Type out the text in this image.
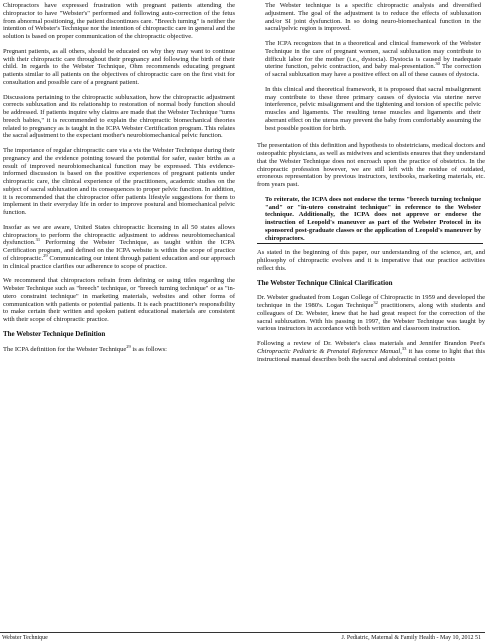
Chiropractors have expressed frustration with pregnant patients attending the chiropractor to have "Webster's" performed and following auto-correction of the fetus from abnormal positioning, the patient discontinues care. "Breech turning" is neither the intention of Webster's Technique nor the intention of chiropractic care in general and the solution is based on proper communication of the chiropractic objective.

Pregnant patients, as all others, should be educated on why they may want to continue with their chiropractic care throughout their pregnancy and following the birth of their child. In regards to the Webster Technique, Ohm recommends educating pregnant patients similar to all patients on the objectives of chiropractic care on the first visit for consultation and possible care of a pregnant patient.

Discussions pertaining to the chiropractic subluxation, how the chiropractic adjustment corrects subluxation and its relationship to restoration of normal body function should be addressed. If patients inquire why claims are made that the Webster Technique "turns breech babies," it is recommended to explain the chiropractic biomechanical theories related to pregnancy as is taught in the ICPA Webster Certification program. This relates the sacral adjustment to the expectant mother's neurobiomechanical pelvic function.

The importance of regular chiropractic care via a vis the Webster Technique during their pregnancy and the evidence pointing toward the potential for safer, easier births as a result of improved neurobiomechanical function may be expressed. This evidence-informed discussion is based on the positive experiences of pregnant patients under chiropractic care, the clinical experience of the practitioners, academic studies on the subject of sacral subluxation and its consequences to proper pelvic function. In addition, it is recommended that the chiropractor offer patients lifestyle suggestions for them to implement in their everyday life in order to improve postural and biomechanical pelvic function.

Insofar as we are aware, United States chiropractic licensing in all 50 states allows chiropractors to perform the chiropractic adjustment to address neurobiomechanical dysfunction.$^{31}$ Performing the Webster Technique, as taught within the ICPA Certification program, and defined on the ICPA website is within the scope of practice of chiropractic.$^{29}$ Communicating our intent through patient education and our approach in clinical practice clarifies our adherence to scope of practice.

We recommend that chiropractors refrain from defining or using titles regarding the Webster Technique such as "breech" technique, or "breech turning technique" or as "in-utero constraint technique" in marketing materials, websites and other forms of communication with patients or potential patients. It is each practitioner's responsibility to make certain their written and spoken patient educational materials are consistent with their scope of chiropractic practice.

The Webster Technique Definition

The ICPA definition for the Webster Technique$^{29}$ is as follows:

The Webster technique is a specific chiropractic analysis and diversified adjustment. The goal of the adjustment is to reduce the effects of subluxation and/or SI joint dysfunction. In so doing neuro-biomechanical function in the sacral/pelvic region is improved.

The ICPA recognizes that in a theoretical and clinical framework of the Webster Technique in the care of pregnant women, sacral subluxation may contribute to difficult labor for the mother (i.e., dystocia). Dystocia is caused by inadequate uterine function, pelvic contraction, and baby mal-presentation.$^{30}$ The correction of sacral subluxation may have a positive effect on all of these causes of dystocia.

In this clinical and theoretical framework, it is proposed that sacral misalignment may contribute to these three primary causes of dystocia via uterine nerve interference, pelvic misalignment and the tightening and torsion of specific pelvic muscles and ligaments. The resulting tense muscles and ligaments and their aberrant effect on the uterus may prevent the baby from comfortably assuming the best possible position for birth.

The presentation of this definition and hypothesis to obstetricians, medical doctors and osteopathic physicians, as well as midwives and scientists ensures that they understand that the Webster Technique does not encroach upon the practice of obstetrics. In the chiropractic profession however, we are still left with the residue of outdated, erroneous representation by previous instructors, textbooks, marketing materials, etc. from years past.

To reiterate, the ICPA does not endorse the terms "breech turning technique "and" or "in-utero constraint technique" in reference to the Webster technique. Additionally, the ICPA does not approve or endorse the instruction of Leopold's maneuver as part of the Webster Protocol in its sponsored post-graduate classes or the application of Leopold's maneuver by chiropractors.

As stated in the beginning of this paper, our understanding of the science, art, and philosophy of chiropractic evolves and it is imperative that our practice activities reflect this.

The Webster Technique Clinical Clarification

Dr. Webster graduated from Logan College of Chiropractic in 1959 and developed the technique in the 1980's. Logan Technique$^{32}$ practitioners, along with students and colleagues of Dr. Webster, knew that he had great respect for the correction of the sacral subluxation. With his passing in 1997, the Webster Technique was taught by various instructors in accordance with both written and classroom instruction.

Following a review of Dr. Webster's class materials and Jennifer Brandon Peet's Chiropractic Pediatric & Prenatal Reference Manual,$^{33}$ it has come to light that this instructional manual describes both the sacral and abdominal contact points

Webster Technique	J. Pediatric, Maternal & Family Health - May 10, 2012 51
